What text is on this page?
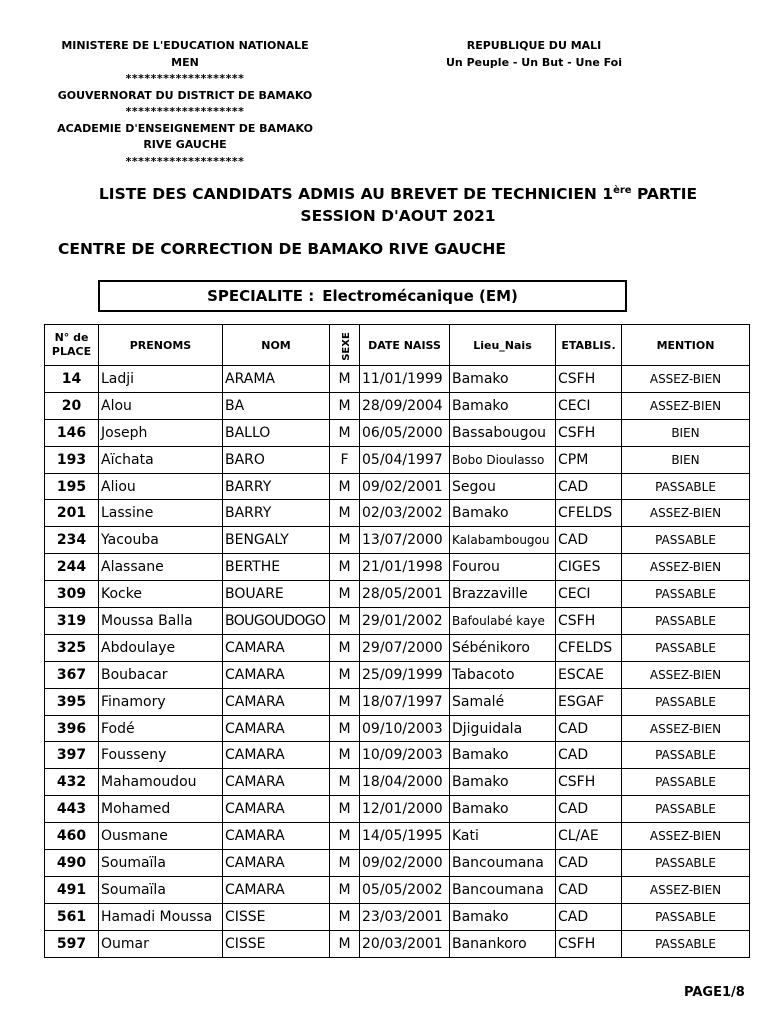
MINISTERE DE L'EDUCATION NATIONALE
MEN
*******************
GOUVERNORAT DU DISTRICT DE BAMAKO
*******************
ACADEMIE D'ENSEIGNEMENT DE BAMAKO
RIVE GAUCHE
*******************
REPUBLIQUE DU MALI
Un Peuple - Un But - Une Foi
LISTE DES CANDIDATS ADMIS AU BREVET DE TECHNICIEN 1ère PARTIE
SESSION D'AOUT 2021
CENTRE DE CORRECTION DE BAMAKO RIVE GAUCHE
SPECIALITE : Electromécanique (EM)
N° de
PLACE	PRENOMS	NOM	SEXE	DATE NAISS	Lieu_Nais	ETABLIS.	MENTION
14	Ladji	ARAMA	M	11/01/1999	Bamako	CSFH	ASSEZ-BIEN
20	Alou	BA	M	28/09/2004	Bamako	CECI	ASSEZ-BIEN
146	Joseph	BALLO	M	06/05/2000	Bassabougou	CSFH	BIEN
193	Aïchata	BARO	F	05/04/1997	Bobo Dioulasso	CPM	BIEN
195	Aliou	BARRY	M	09/02/2001	Segou	CAD	PASSABLE
201	Lassine	BARRY	M	02/03/2002	Bamako	CFELDS	ASSEZ-BIEN
234	Yacouba	BENGALY	M	13/07/2000	Kalabambougou	CAD	PASSABLE
244	Alassane	BERTHE	M	21/01/1998	Fourou	CIGES	ASSEZ-BIEN
309	Kocke	BOUARE	M	28/05/2001	Brazzaville	CECI	PASSABLE
319	Moussa Balla	BOUGOUDOGO	M	29/01/2002	Bafoulabé kaye	CSFH	PASSABLE
325	Abdoulaye	CAMARA	M	29/07/2000	Sébénikoro	CFELDS	PASSABLE
367	Boubacar	CAMARA	M	25/09/1999	Tabacoto	ESCAE	ASSEZ-BIEN
395	Finamory	CAMARA	M	18/07/1997	Samalé	ESGAF	PASSABLE
396	Fodé	CAMARA	M	09/10/2003	Djiguidala	CAD	ASSEZ-BIEN
397	Fousseny	CAMARA	M	10/09/2003	Bamako	CAD	PASSABLE
432	Mahamoudou	CAMARA	M	18/04/2000	Bamako	CSFH	PASSABLE
443	Mohamed	CAMARA	M	12/01/2000	Bamako	CAD	PASSABLE
460	Ousmane	CAMARA	M	14/05/1995	Kati	CL/AE	ASSEZ-BIEN
490	Soumaïla	CAMARA	M	09/02/2000	Bancoumana	CAD	PASSABLE
491	Soumaïla	CAMARA	M	05/05/2002	Bancoumana	CAD	ASSEZ-BIEN
561	Hamadi Moussa	CISSE	M	23/03/2001	Bamako	CAD	PASSABLE
597	Oumar	CISSE	M	20/03/2001	Banankoro	CSFH	PASSABLE
PAGE1/8
